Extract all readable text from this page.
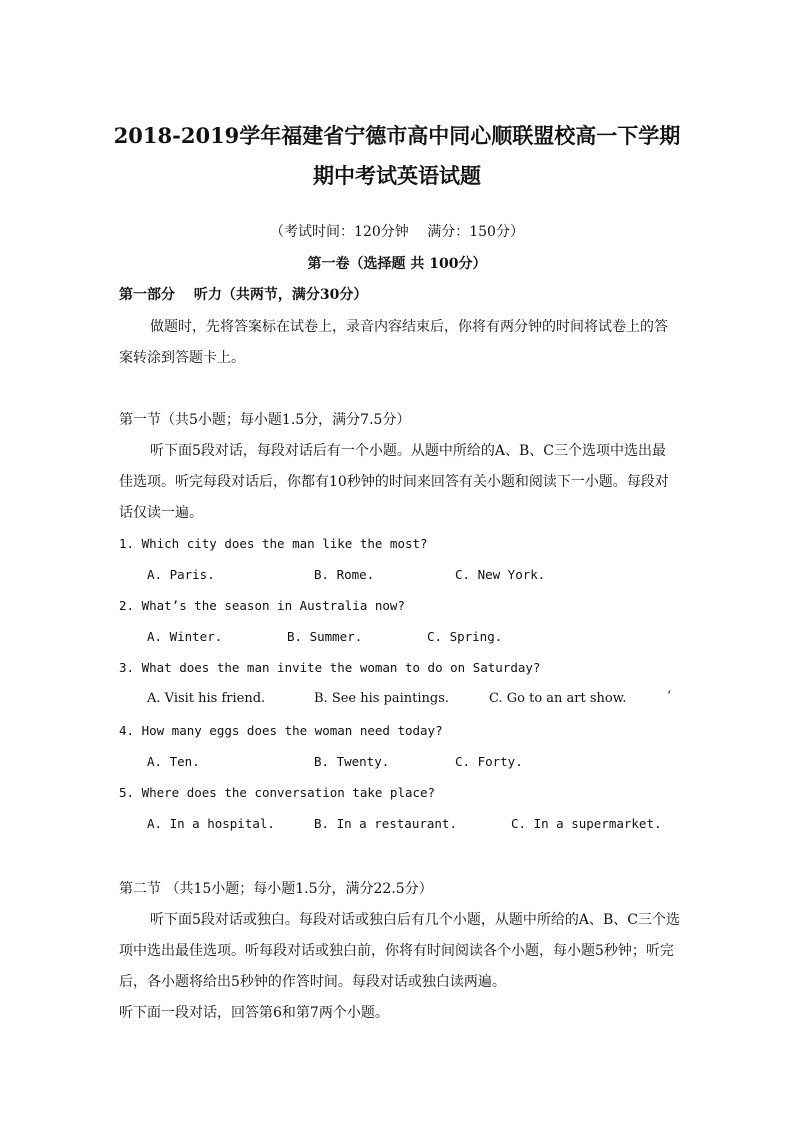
2018-2019学年福建省宁德市高中同心顺联盟校高一下学期
期中考试英语试题
（考试时间：120分钟　 满分：150分）
第一卷（选择题 共 100分）
第一部分　 听力（共两节，满分30分）
做题时，先将答案标在试卷上，录音内容结束后，你将有两分钟的时间将试卷上的答
案转涂到答题卡上。
第一节（共5小题；每小题1.5分，满分7.5分）
听下面5段对话，每段对话后有一个小题。从题中所给的A、B、C三个选项中选出最
佳选项。听完每段对话后，你都有10秒钟的时间来回答有关小题和阅读下一小题。每段对
话仅读一遍。
1. Which city does the man like the most?
A. Paris.	B. Rome.	C. New York.
2. What’s the season in Australia now?
A. Winter.	B. Summer.	C. Spring.
3. What does the man invite the woman to do on Saturday?
A. Visit his friend.	B. See his paintings.	C. Go to an art show.	‘
4. How many eggs does the woman need today?
A. Ten.	B. Twenty.	C. Forty.
5. Where does the conversation take place?
A. In a hospital.	B. In a restaurant.	C. In a supermarket.
第二节 （共15小题；每小题1.5分，满分22.5分）
听下面5段对话或独白。每段对话或独白后有几个小题，从题中所给的A、B、C三个选
项中选出最佳选项。听每段对话或独白前，你将有时间阅读各个小题，每小题5秒钟；听完
后，各小题将给出5秒钟的作答时间。每段对话或独白读两遍。
听下面一段对话，回答第6和第7两个小题。
